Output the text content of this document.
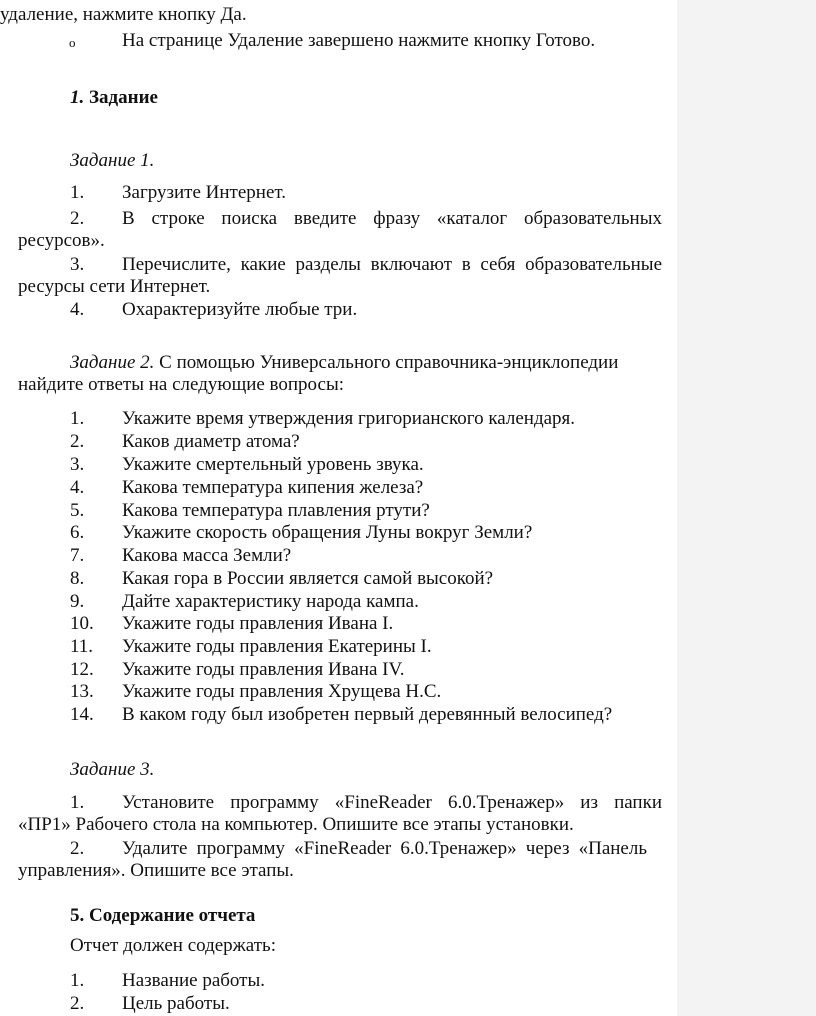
удаление, нажмите кнопку Да.
o На странице Удаление завершено нажмите кнопку Готово.
1. Задание
Задание 1.
1. Загрузите Интернет.
2. В строке поиска введите фразу «каталог образовательных
ресурсов».
3. Перечислите, какие разделы включают в себя образовательные
ресурсы сети Интернет.
4. Охарактеризуйте любые три.
Задание 2. С помощью Универсального справочника-энциклопедии
найдите ответы на следующие вопросы:
1. Укажите время утверждения григорианского календаря.
2. Каков диаметр атома?
3. Укажите смертельный уровень звука.
4. Какова температура кипения железа?
5. Какова температура плавления ртути?
6. Укажите скорость обращения Луны вокруг Земли?
7. Какова масса Земли?
8. Какая гора в России является самой высокой?
9. Дайте характеристику народа кампа.
10. Укажите годы правления Ивана I.
11. Укажите годы правления Екатерины I.
12. Укажите годы правления Ивана IV.
13. Укажите годы правления Хрущева Н.С.
14. В каком году был изобретен первый деревянный велосипед?
Задание 3.
1. Установите программу «FineReader 6.0.Тренажер» из папки
«ПР1» Рабочего стола на компьютер. Опишите все этапы установки.
2. Удалите программу «FineReader 6.0.Тренажер» через «Панель
управления». Опишите все этапы.
5. Содержание отчета
Отчет должен содержать:
1. Название работы.
2. Цель работы.
